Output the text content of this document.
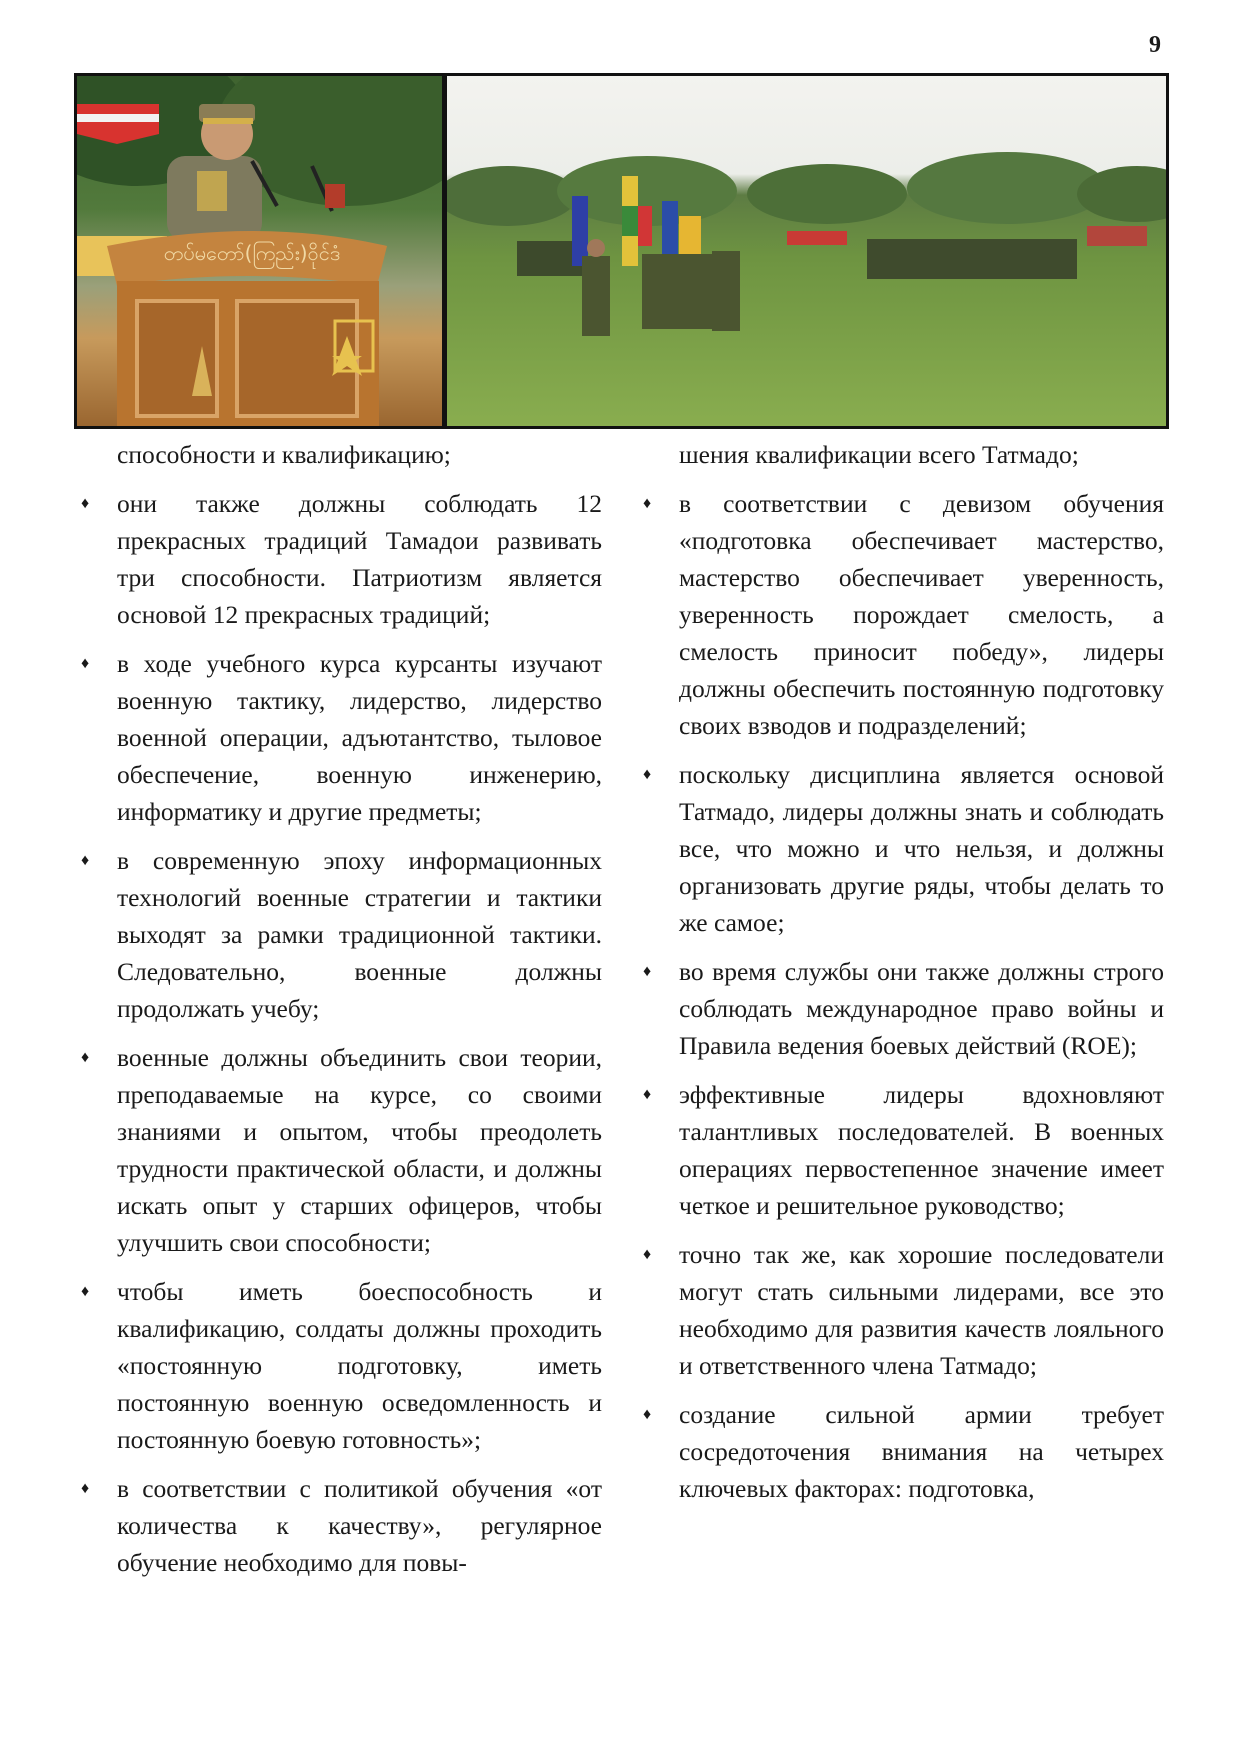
9
တပ်မတော်(ကြည်း)ဝိုင်ဒံ

способности и квалификацию;

♦ они также должны соблюдать 12 прекрасных традиций Тамадои развивать три способности. Патриотизм является основой 12 прекрасных традиций;

♦ в ходе учебного курса курсанты изучают военную тактику, лидерство, лидерство военной операции, адъютантство, тыловое обеспечение, военную инженерию, информатику и другие предметы;

♦ в современную эпоху информационных технологий военные стратегии и тактики выходят за рамки традиционной тактики. Следовательно, военные должны продолжать учебу;

♦ военные должны объединить свои теории, преподаваемые на курсе, со своими знаниями и опытом, чтобы преодолеть трудности практической области, и должны искать опыт у старших офицеров, чтобы улучшить свои способности;

♦ чтобы иметь боеспособность и квалификацию, солдаты должны проходить «постоянную подготовку, иметь постоянную военную осведомленность и постоянную боевую готовность»;

♦ в соответствии с политикой обучения «от количества к качеству», регулярное обучение необходимо для повы-

шения квалификации всего Татмадо;

♦ в соответствии с девизом обучения «подготовка обеспечивает мастерство, мастерство обеспечивает уверенность, уверенность порождает смелость, а смелость приносит победу», лидеры должны обеспечить постоянную подготовку своих взводов и подразделений;

♦ поскольку дисциплина является основой Татмадо, лидеры должны знать и соблюдать все, что можно и что нельзя, и должны организовать другие ряды, чтобы делать то же самое;

♦ во время службы они также должны строго соблюдать международное право войны и Правила ведения боевых действий (ROE);

♦ эффективные лидеры вдохновляют талантливых последователей. В военных операциях первостепенное значение имеет четкое и решительное руководство;

♦ точно так же, как хорошие последователи могут стать сильными лидерами, все это необходимо для развития качеств лояльного и ответственного члена Татмадо;

♦ создание сильной армии требует сосредоточения внимания на четырех ключевых факторах: подготовка,
